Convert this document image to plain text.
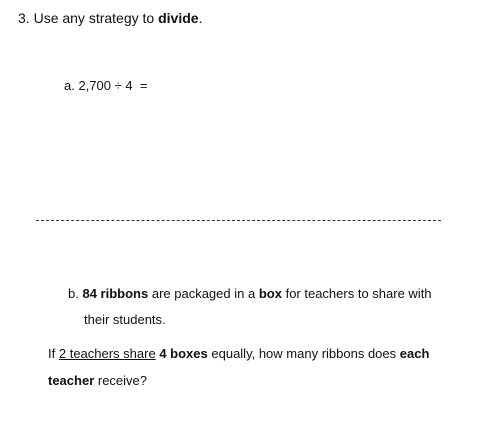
3. Use any strategy to divide.
a. 2,700 ÷ 4 =
b. 84 ribbons are packaged in a box for teachers to share with
their students.
If 2 teachers share 4 boxes equally, how many ribbons does each
teacher receive?
